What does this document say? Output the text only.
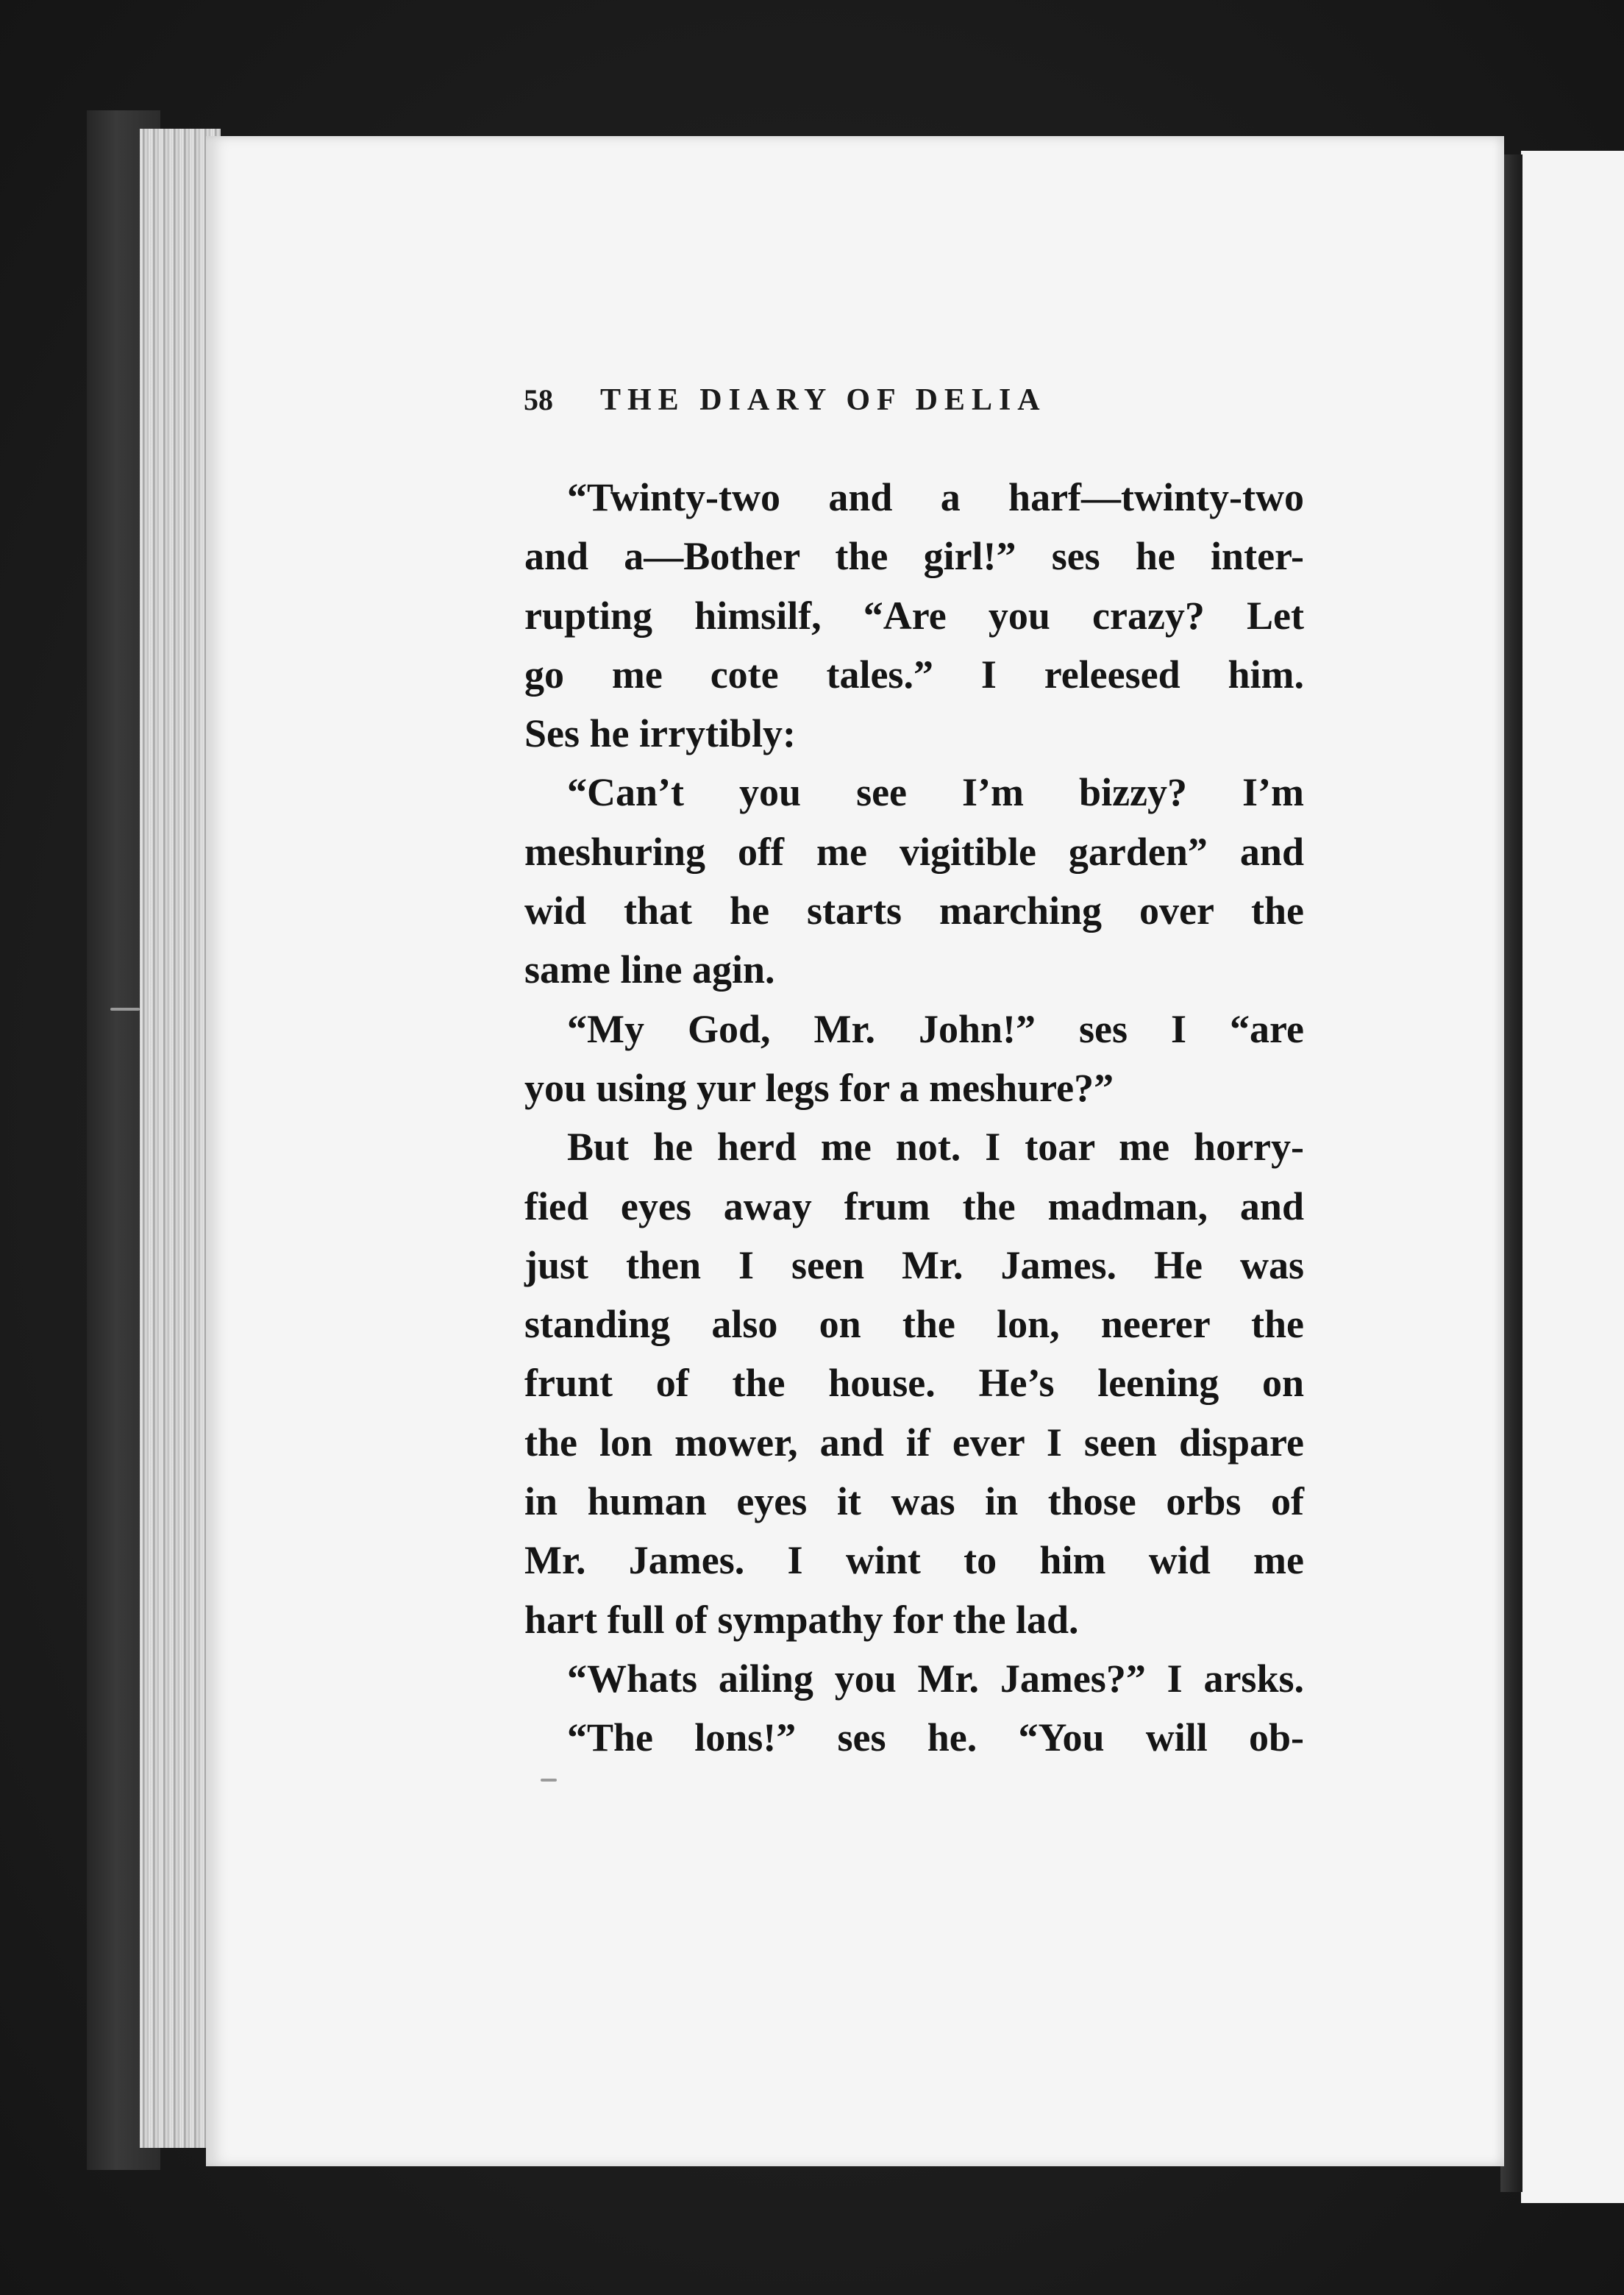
58 THE DIARY OF DELIA
“Twinty-two and a harf—twinty-two
and a—Bother the girl!” ses he inter-
rupting himsilf, “Are you crazy? Let
go me cote tales.” I releesed him.
Ses he irrytibly:
“Can’t you see I’m bizzy? I’m
meshuring off me vigitible garden” and
wid that he starts marching over the
same line agin.
“My God, Mr. John!” ses I “are
you using yur legs for a meshure?”
But he herd me not. I toar me horry-
fied eyes away frum the madman, and
just then I seen Mr. James. He was
standing also on the lon, neerer the
frunt of the house. He’s leening on
the lon mower, and if ever I seen dispare
in human eyes it was in those orbs of
Mr. James. I wint to him wid me
hart full of sympathy for the lad.
“Whats ailing you Mr. James?” I arsks.
“The lons!” ses he. “You will ob-
